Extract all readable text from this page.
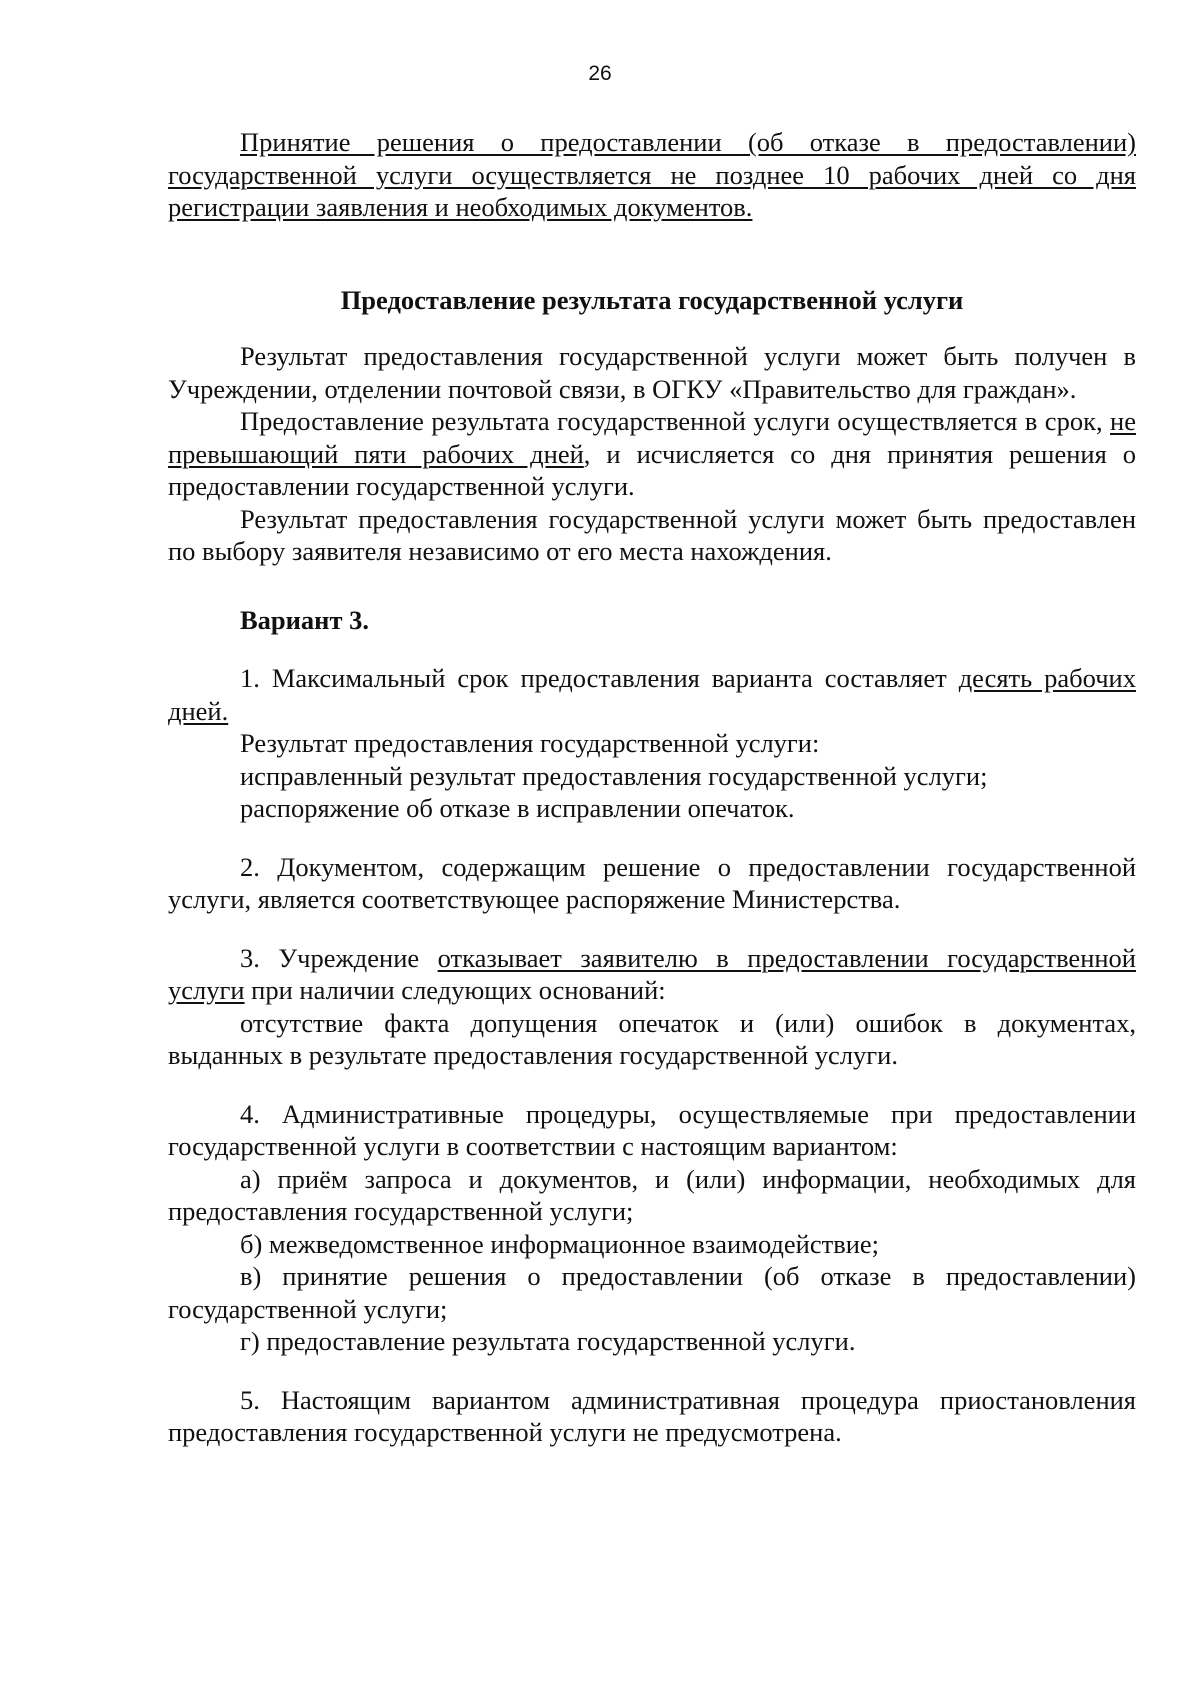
26

Принятие решения о предоставлении (об отказе в предоставлении) государственной услуги осуществляется не позднее 10 рабочих дней со дня регистрации заявления и необходимых документов.

Предоставление результата государственной услуги

Результат предоставления государственной услуги может быть получен в Учреждении, отделении почтовой связи, в ОГКУ «Правительство для граждан».

Предоставление результата государственной услуги осуществляется в срок, не превышающий пяти рабочих дней, и исчисляется со дня принятия решения о предоставлении государственной услуги.

Результат предоставления государственной услуги может быть предоставлен по выбору заявителя независимо от его места нахождения.

Вариант 3.

1. Максимальный срок предоставления варианта составляет десять рабочих дней.

Результат предоставления государственной услуги:

исправленный результат предоставления государственной услуги;

распоряжение об отказе в исправлении опечаток.

2. Документом, содержащим решение о предоставлении государственной услуги, является соответствующее распоряжение Министерства.

3. Учреждение отказывает заявителю в предоставлении государственной услуги при наличии следующих оснований:

отсутствие факта допущения опечаток и (или) ошибок в документах, выданных в результате предоставления государственной услуги.

4. Административные процедуры, осуществляемые при предоставлении государственной услуги в соответствии с настоящим вариантом:

а) приём запроса и документов, и (или) информации, необходимых для предоставления государственной услуги;

б) межведомственное информационное взаимодействие;

в) принятие решения о предоставлении (об отказе в предоставлении) государственной услуги;

г) предоставление результата государственной услуги.

5. Настоящим вариантом административная процедура приостановления предоставления государственной услуги не предусмотрена.
